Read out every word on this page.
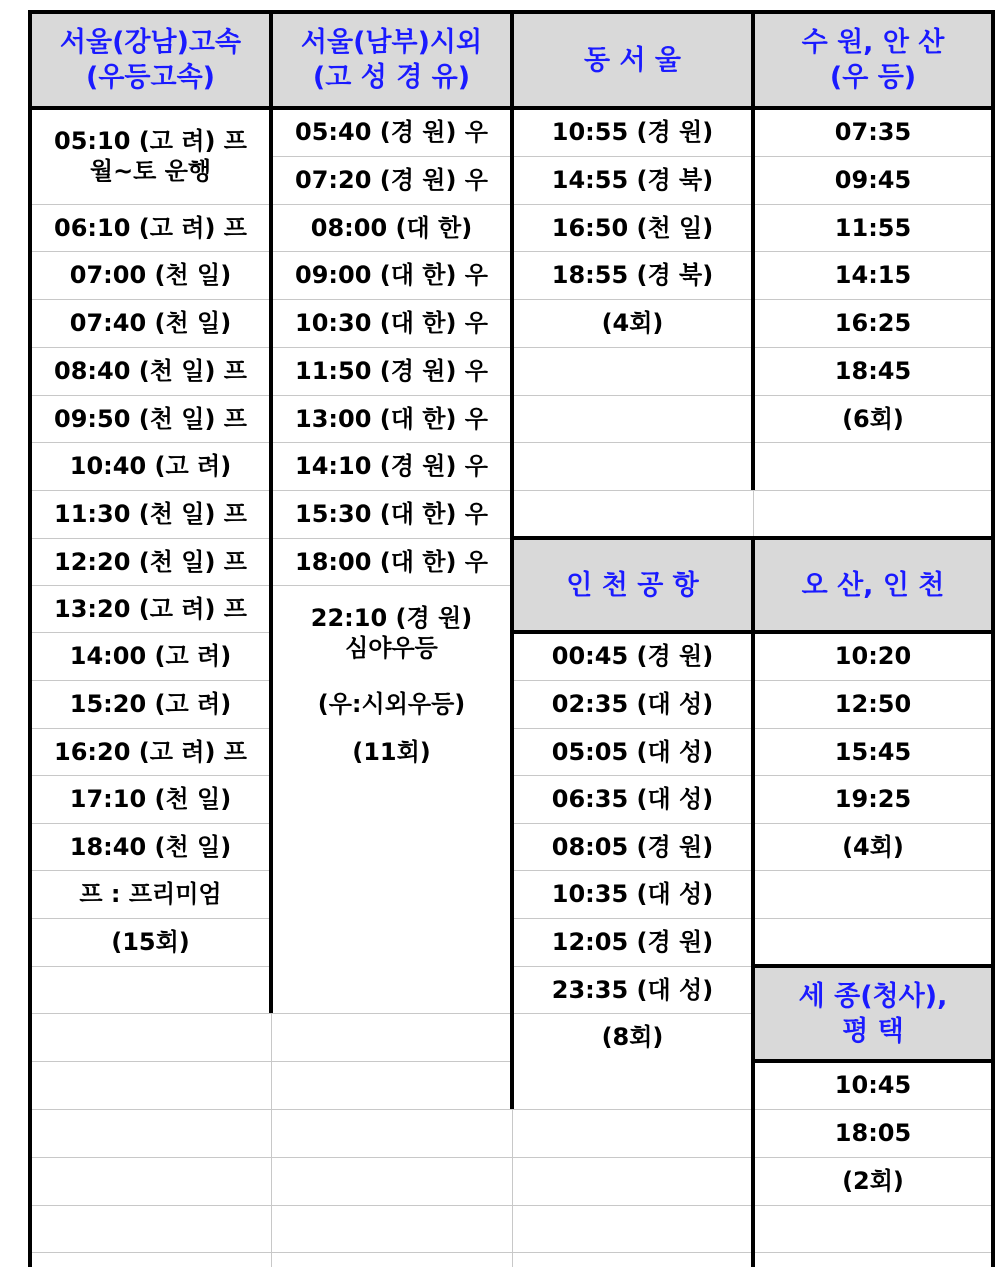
서울(강남)고속
(우등고속)
서울(남부)시외
(고 성 경 유)
동 서 울
수 원, 안 산
(우 등)
인 천 공 항	오 산, 인 천
세 종(청사),
평 택
05:10 (고 려) 프
월~토 운행
06:10 (고 려) 프
07:00 (천 일)
07:40 (천 일)
08:40 (천 일) 프
09:50 (천 일) 프
10:40 (고 려)
11:30 (천 일) 프
12:20 (천 일) 프
13:20 (고 려) 프
14:00 (고 려)
15:20 (고 려)
16:20 (고 려) 프
17:10 (천 일)
18:40 (천 일)
프 : 프리미엄
(15회)
05:40 (경 원) 우
07:20 (경 원) 우
08:00 (대 한)
09:00 (대 한) 우
10:30 (대 한) 우
11:50 (경 원) 우
13:00 (대 한) 우
14:10 (경 원) 우
15:30 (대 한) 우
18:00 (대 한) 우
22:10 (경 원)
심야우등
(우:시외우등)
(11회)
10:55 (경 원)
14:55 (경 북)
16:50 (천 일)
18:55 (경 북)
(4회)
07:35
09:45
11:55
14:15
16:25
18:45
(6회)
00:45 (경 원)
02:35 (대 성)
05:05 (대 성)
06:35 (대 성)
08:05 (경 원)
10:35 (대 성)
12:05 (경 원)
23:35 (대 성)
(8회)
10:20
12:50
15:45
19:25
(4회)
10:45
18:05
(2회)
